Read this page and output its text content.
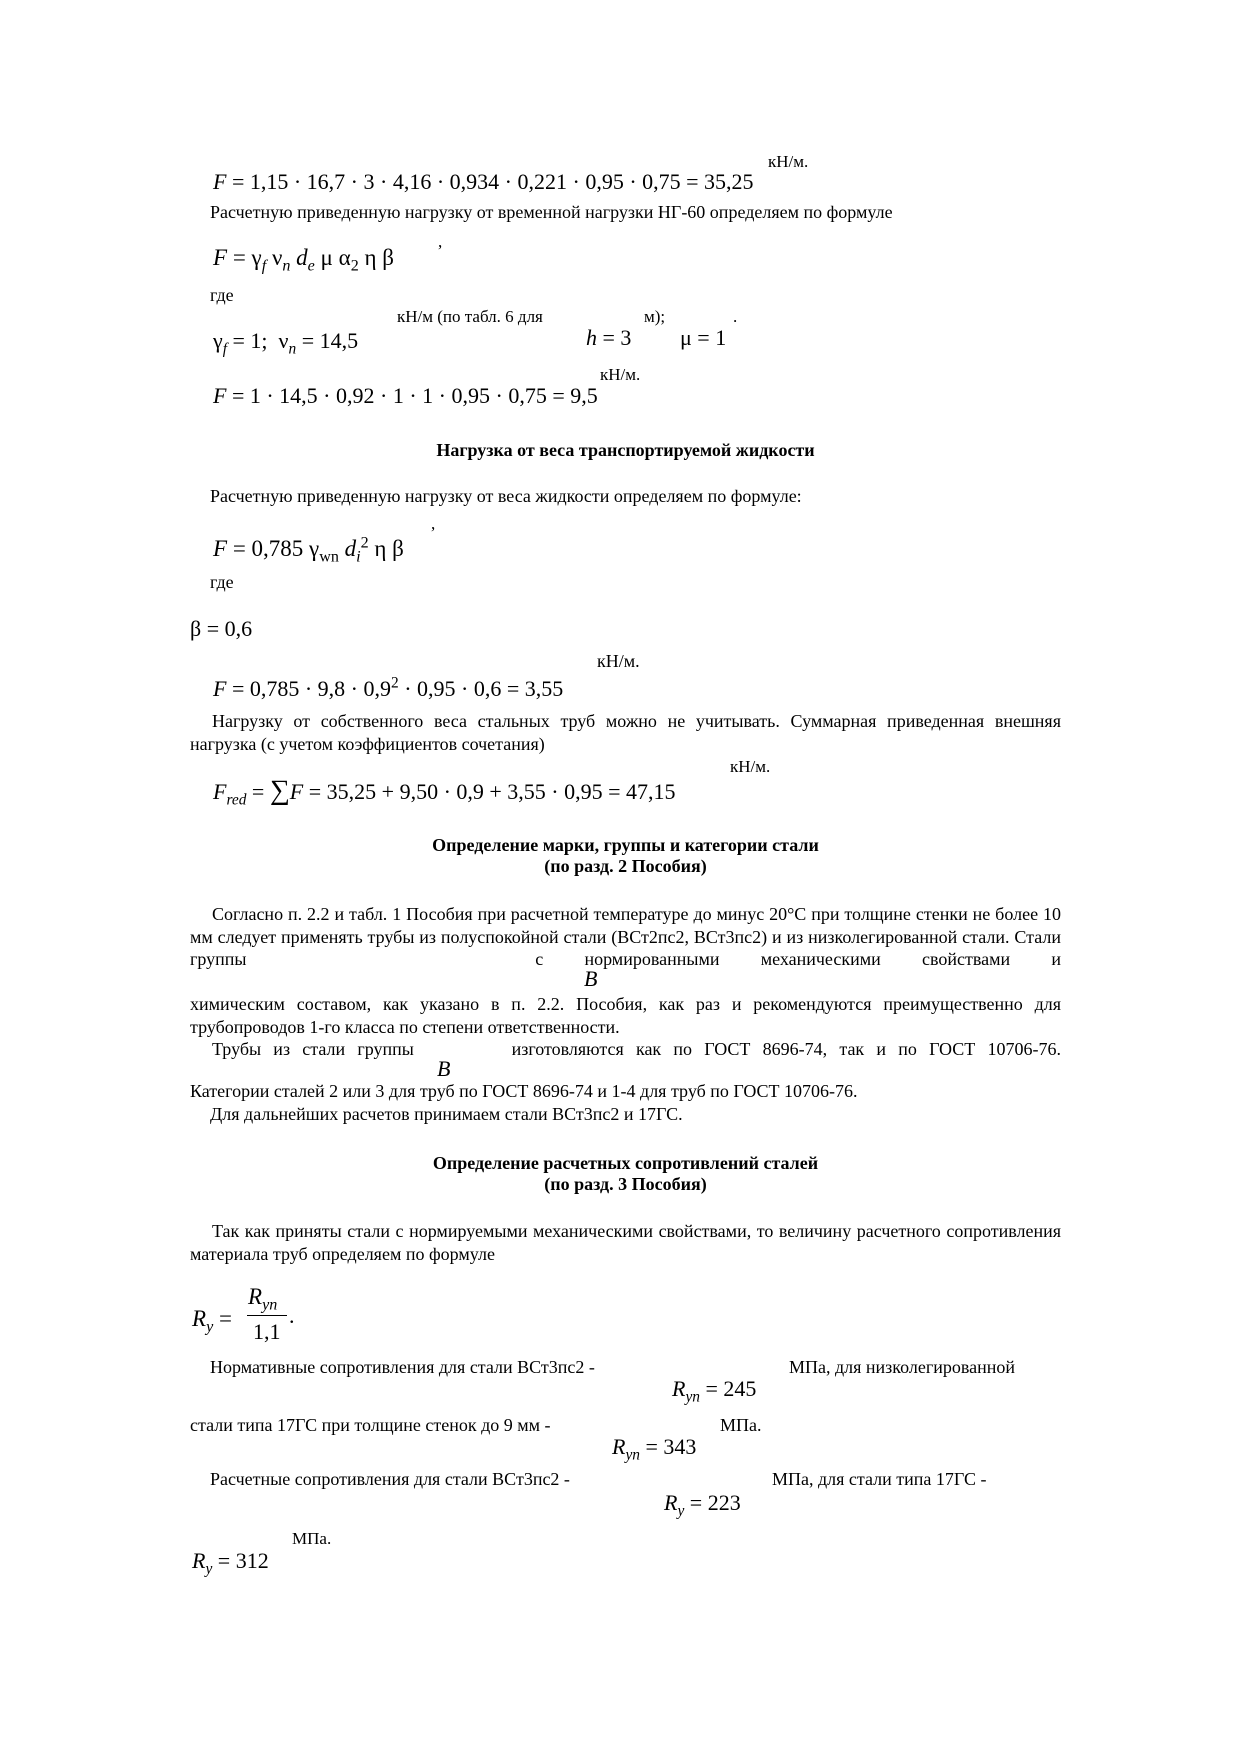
кН/м.
F = 1,15 · 16,7 · 3 · 4,16 · 0,934 · 0,221 · 0,95 · 0,75 = 35,25
Расчетную приведенную нагрузку от временной нагрузки НГ-60 определяем по формуле
$F = \gamma_f$ $\nu_n$ $d_e$ μ $\alpha_2$ η β
,
где
$\gamma_f = 1$;  $\nu_n = 14,5$
кН/м (по табл. 6 для
h = 3
м);
μ = 1
.
кН/м.
F = 1 · 14,5 · 0,92 · 1 · 1 · 0,95 · 0,75 = 9,5
Нагрузка от веса транспортируемой жидкости
Расчетную приведенную нагрузку от веса жидкости определяем по формуле:
,
F = 0,785 $\gamma_{wn}$ $d_i^2$ η β
где
β = 0,6
кН/м.
$F = 0,785 \cdot 9,8 \cdot 0,9^2 \cdot 0,95 \cdot 0,6 = 3,55$
Нагрузку от собственного веса стальных труб можно не учитывать. Суммарная приведенная внешняя нагрузка (с учетом коэффициентов сочетания)
кН/м.
$F_{red} = \sum F = 35,25 + 9,50 \cdot 0,9 + 3,55 \cdot 0,95 = 47,15$
Определение марки, группы и категории стали
(по разд. 2 Пособия)
Согласно п. 2.2 и табл. 1 Пособия при расчетной температуре до минус 20°С при толщине стенки не более 10 мм следует применять трубы из полуспокойной стали (ВСт2пс2, ВСт3пс2) и из низколегированной стали. Стали группы	с нормированными механическими свойствами и
B
химическим составом, как указано в п. 2.2. Пособия, как раз и рекомендуются преимущественно для трубопроводов 1-го класса по степени ответственности.
Трубы из стали группы	изготовляются как по ГОСТ 8696-74, так и по ГОСТ 10706-76.
B
Категории сталей 2 или 3 для труб по ГОСТ 8696-74 и 1-4 для труб по ГОСТ 10706-76.
Для дальнейших расчетов принимаем стали ВСт3пс2 и 17ГС.
Определение расчетных сопротивлений сталей
(по разд. 3 Пособия)
Так как приняты стали с нормируемыми механическими свойствами, то величину расчетного сопротивления материала труб определяем по формуле
$R_y$ =
$R_{yn}$
1,1
.
Нормативные сопротивления для стали ВСт3пс2 -	МПа, для низколегированной
$R_{yn} = 245$
стали типа 17ГС при толщине стенок до 9 мм -	МПа.
$R_{yn} = 343$
Расчетные сопротивления для стали ВСт3пс2 -	МПа, для стали типа 17ГС -
$R_y = 223$
МПа.
$R_y = 312$
